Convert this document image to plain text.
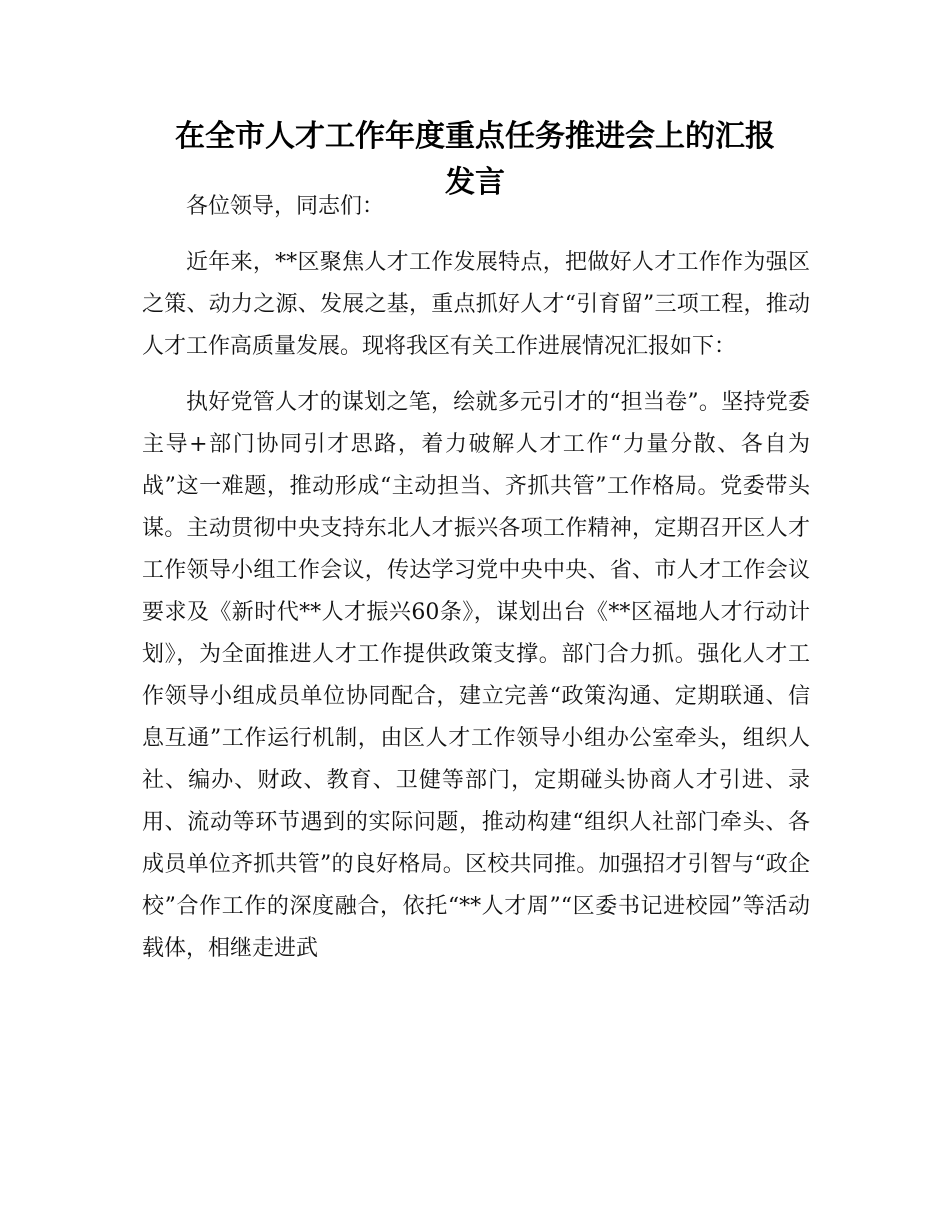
在全市人才工作年度重点任务推进会上的汇报
发言

各位领导，同志们：

近年来，**区聚焦人才工作发展特点，把做好人才工作作为强区之策、动力之源、发展之基，重点抓好人才“引育留”三项工程，推动人才工作高质量发展。现将我区有关工作进展情况汇报如下：

执好党管人才的谋划之笔，绘就多元引才的“担当卷”。坚持党委主导+部门协同引才思路，着力破解人才工作“力量分散、各自为战”这一难题，推动形成“主动担当、齐抓共管”工作格局。党委带头谋。主动贯彻中央支持东北人才振兴各项工作精神，定期召开区人才工作领导小组工作会议，传达学习党中央中央、省、市人才工作会议要求及《新时代**人才振兴60条》，谋划出台《**区福地人才行动计划》，为全面推进人才工作提供政策支撑。部门合力抓。强化人才工作领导小组成员单位协同配合，建立完善“政策沟通、定期联通、信息互通”工作运行机制，由区人才工作领导小组办公室牵头，组织人社、编办、财政、教育、卫健等部门，定期碰头协商人才引进、录用、流动等环节遇到的实际问题，推动构建“组织人社部门牵头、各成员单位齐抓共管”的良好格局。区校共同推。加强招才引智与“政企校”合作工作的深度融合，依托“**人才周”“区委书记进校园”等活动载体，相继走进武
